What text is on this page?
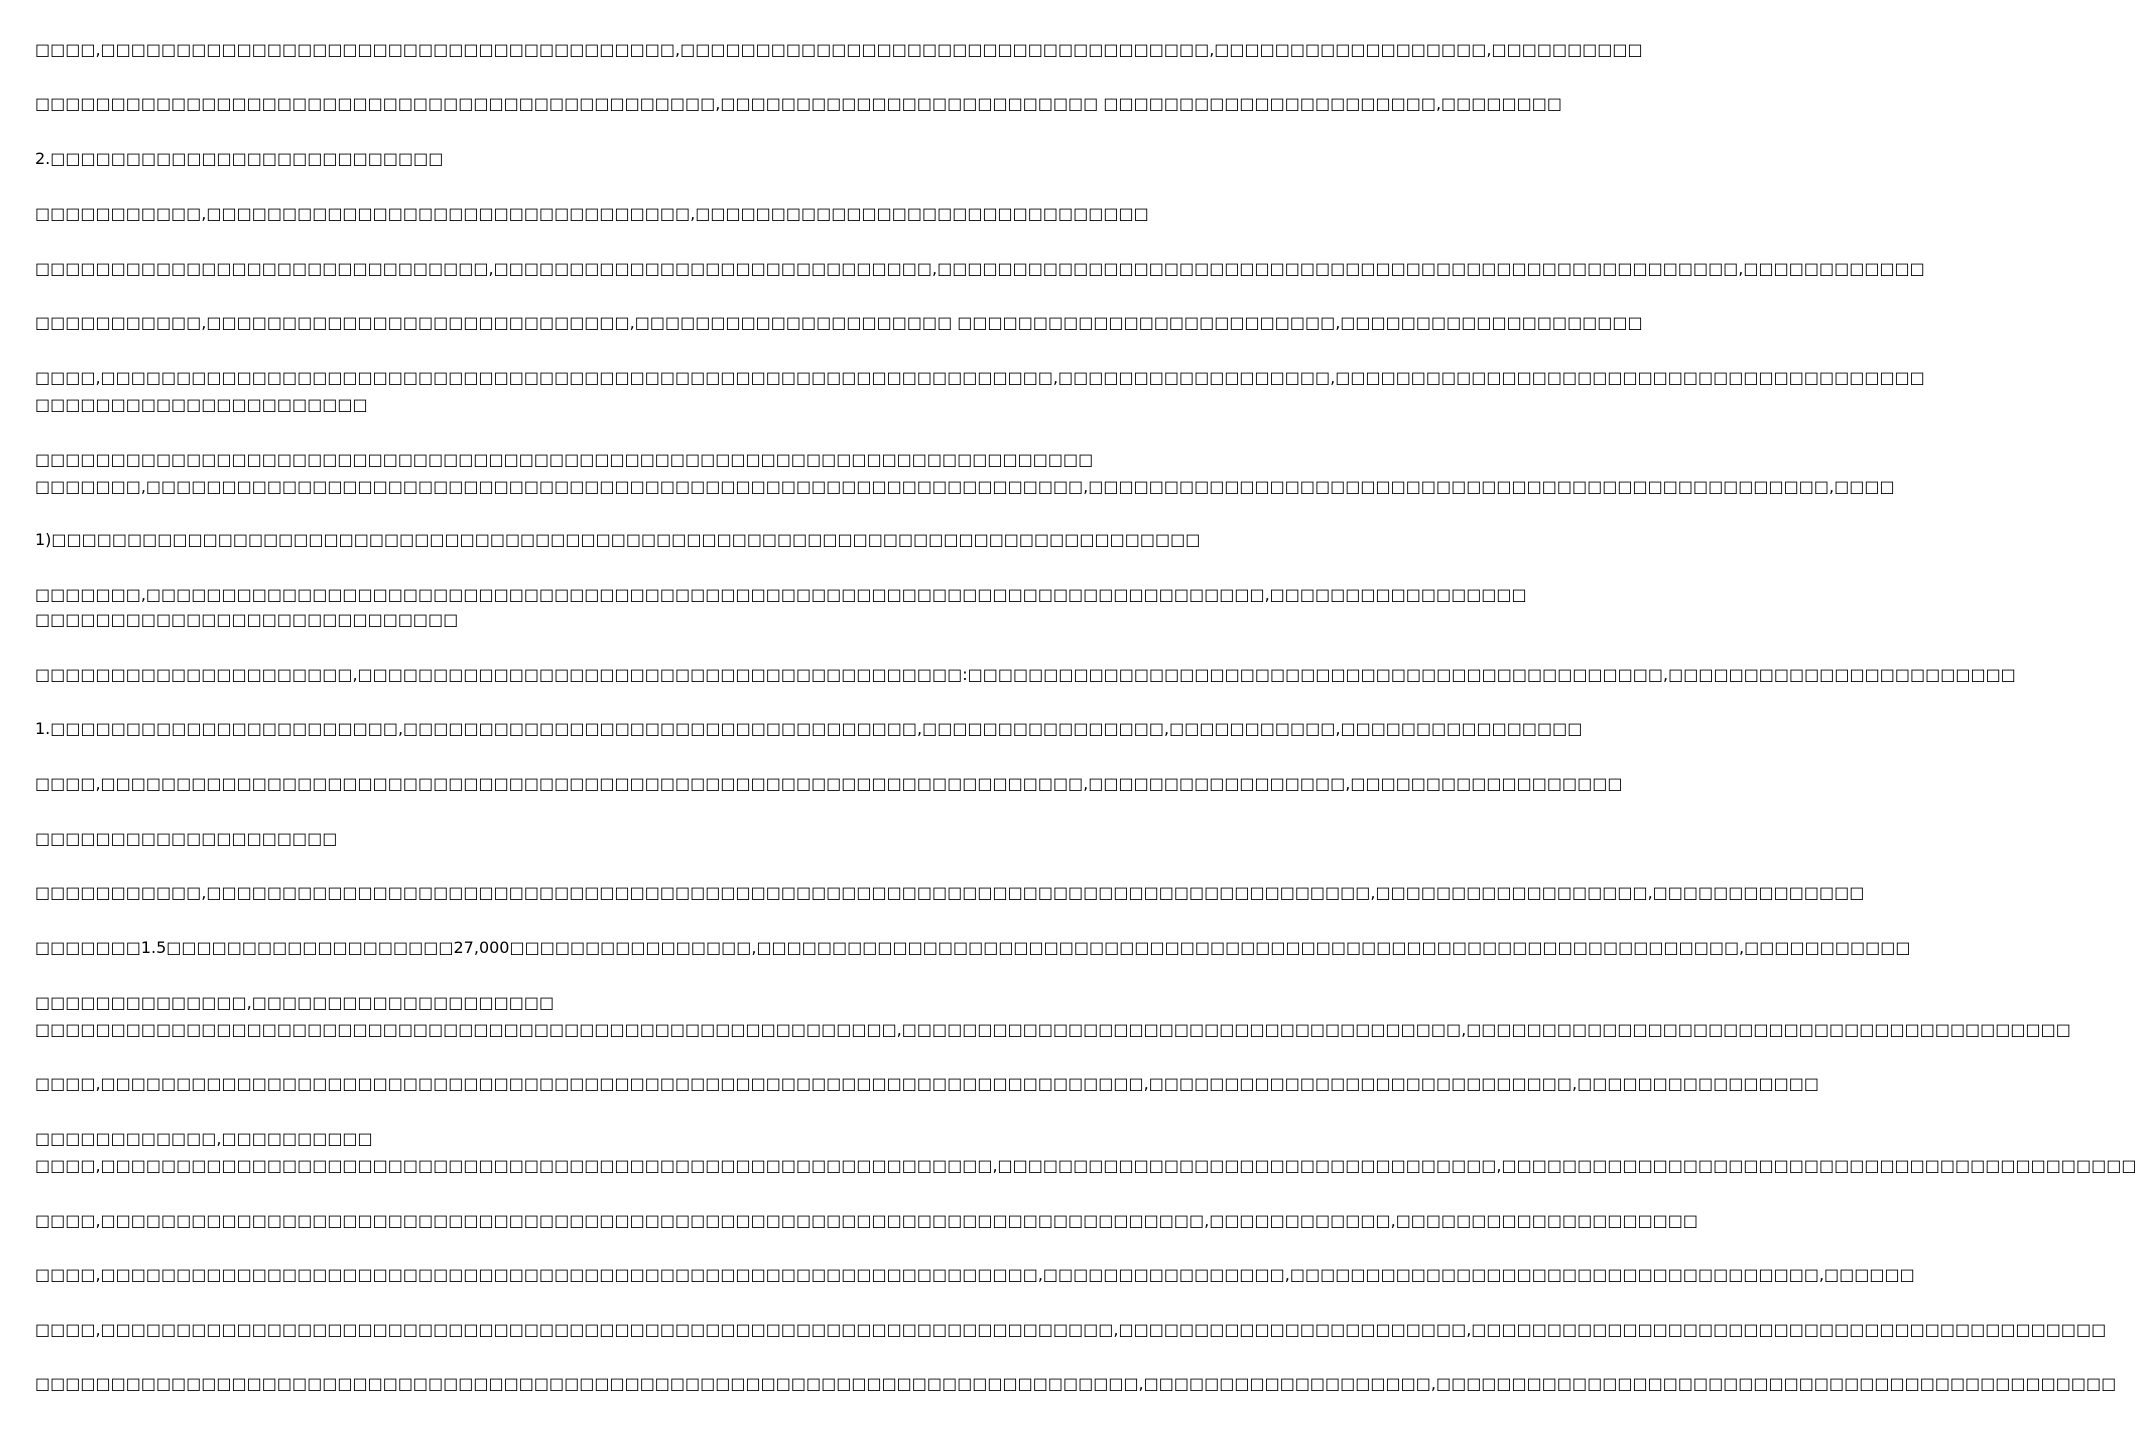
□□□□,□□□□□□□□□□□□□□□□□□□□□□□□□□□□□□□□□□□□□□,□□□□□□□□□□□□□□□□□□□□□□□□□□□□□□□□□□□,□□□□□□□□□□□□□□□□□□,□□□□□□□□□□

□□□□□□□□□□□□□□□□□□□□□□□□□□□□□□□□□□□□□□□□□□□□□,□□□□□□□□□□□□□□□□□□□□□□□□□ □□□□□□□□□□□□□□□□□□□□□□,□□□□□□□□

2.□□□□□□□□□□□□□□□□□□□□□□□□□□

□□□□□□□□□□□,□□□□□□□□□□□□□□□□□□□□□□□□□□□□□□□□,□□□□□□□□□□□□□□□□□□□□□□□□□□□□□□

□□□□□□□□□□□□□□□□□□□□□□□□□□□□□□,□□□□□□□□□□□□□□□□□□□□□□□□□□□□□,□□□□□□□□□□□□□□□□□□□□□□□□□□□□□□□□□□□□□□□□□□□□□□□□□□□□□,□□□□□□□□□□□□

□□□□□□□□□□□,□□□□□□□□□□□□□□□□□□□□□□□□□□□□,□□□□□□□□□□□□□□□□□□□□□ □□□□□□□□□□□□□□□□□□□□□□□□□,□□□□□□□□□□□□□□□□□□□□

□□□□,□□□□□□□□□□□□□□□□□□□□□□□□□□□□□□□□□□□□□□□□□□□□□□□□□□□□□□□□□□□□□□□,□□□□□□□□□□□□□□□□□□,□□□□□□□□□□□□□□□□□□□□□□□□□□□□□□□□□□□□□□□

□□□□□□□□□□□□□□□□□□□□□□

□□□□□□□□□□□□□□□□□□□□□□□□□□□□□□□□□□□□□□□□□□□□□□□□□□□□□□□□□□□□□□□□□□□□□□

□□□□□□□,□□□□□□□□□□□□□□□□□□□□□□□□□□□□□□□□□□□□□□□□□□□□□□□□□□□□□□□□□□□□□□,□□□□□□□□□□□□□□□□□□□□□□□□□□□□□□□□□□□□□□□□□□□□□□□□□,□□□□

1)□□□□□□□□□□□□□□□□□□□□□□□□□□□□□□□□□□□□□□□□□□□□□□□□□□□□□□□□□□□□□□□□□□□□□□□□□□□□

□□□□□□□,□□□□□□□□□□□□□□□□□□□□□□□□□□□□□□□□□□□□□□□□□□□□□□□□□□□□□□□□□□□□□□□□□□□□□□□□□□,□□□□□□□□□□□□□□□□□

□□□□□□□□□□□□□□□□□□□□□□□□□□□□

□□□□□□□□□□□□□□□□□□□□□,□□□□□□□□□□□□□□□□□□□□□□□□□□□□□□□□□□□□□□□□:□□□□□□□□□□□□□□□□□□□□□□□□□□□□□□□□□□□□□□□□□□□□□□,□□□□□□□□□□□□□□□□□□□□□□□

1.□□□□□□□□□□□□□□□□□□□□□□□,□□□□□□□□□□□□□□□□□□□□□□□□□□□□□□□□□□,□□□□□□□□□□□□□□□□,□□□□□□□□□□□,□□□□□□□□□□□□□□□□

□□□□,□□□□□□□□□□□□□□□□□□□□□□□□□□□□□□□□□□□□□□□□□□□□□□□□□□□□□□□□□□□□□□□□□,□□□□□□□□□□□□□□□□□,□□□□□□□□□□□□□□□□□□

□□□□□□□□□□□□□□□□□□□□

□□□□□□□□□□□,□□□□□□□□□□□□□□□□□□□□□□□□□□□□□□□□□□□□□□□□□□□□□□□□□□□□□□□□□□□□□□□□□□□□□□□□□□□□□,□□□□□□□□□□□□□□□□□□,□□□□□□□□□□□□□□

□□□□□□□1.5□□□□□□□□□□□□□□□□□□□27,000□□□□□□□□□□□□□□□□,□□□□□□□□□□□□□□□□□□□□□□□□□□□□□□□□□□□□□□□□□□□□□□□□□□□□□□□□□□□□□□□□□,□□□□□□□□□□□

□□□□□□□□□□□□□□,□□□□□□□□□□□□□□□□□□□□

□□□□□□□□□□□□□□□□□□□□□□□□□□□□□□□□□□□□□□□□□□□□□□□□□□□□□□□□□,□□□□□□□□□□□□□□□□□□□□□□□□□□□□□□□□□□□□□,□□□□□□□□□□□□□□□□□□□□□□□□□□□□□□□□□□□□□□□□

□□□□,□□□□□□□□□□□□□□□□□□□□□□□□□□□□□□□□□□□□□□□□□□□□□□□□□□□□□□□□□□□□□□□□□□□□□,□□□□□□□□□□□□□□□□□□□□□□□□□□□□,□□□□□□□□□□□□□□□□

□□□□□□□□□□□□,□□□□□□□□□□

□□□□,□□□□□□□□□□□□□□□□□□□□□□□□□□□□□□□□□□□□□□□□□□□□□□□□□□□□□□□□□□□,□□□□□□□□□□□□□□□□□□□□□□□□□□□□□□□□□,□□□□□□□□□□□□□□□□□□□□□□□□□□□□□□□□□□□□□□□□□□

□□□□,□□□□□□□□□□□□□□□□□□□□□□□□□□□□□□□□□□□□□□□□□□□□□□□□□□□□□□□□□□□□□□□□□□□□□□□□□,□□□□□□□□□□□□,□□□□□□□□□□□□□□□□□□□□

□□□□,□□□□□□□□□□□□□□□□□□□□□□□□□□□□□□□□□□□□□□□□□□□□□□□□□□□□□□□□□□□□□□,□□□□□□□□□□□□□□□□,□□□□□□□□□□□□□□□□□□□□□□□□□□□□□□□□□□□,□□□□□□

□□□□,□□□□□□□□□□□□□□□□□□□□□□□□□□□□□□□□□□□□□□□□□□□□□□□□□□□□□□□□□□□□□□□□□□□,□□□□□□□□□□□□□□□□□□□□□□□,□□□□□□□□□□□□□□□□□□□□□□□□□□□□□□□□□□□□□□□□□□

□□□□□□□□□□□□□□□□□□□□□□□□□□□□□□□□□□□□□□□□□□□□□□□□□□□□□□□□□□□□□□□□□□□□□□□□□,□□□□□□□□□□□□□□□□□□□,□□□□□□□□□□□□□□□□□□□□□□□□□□□□□□□□□□□□□□□□□□□□□
